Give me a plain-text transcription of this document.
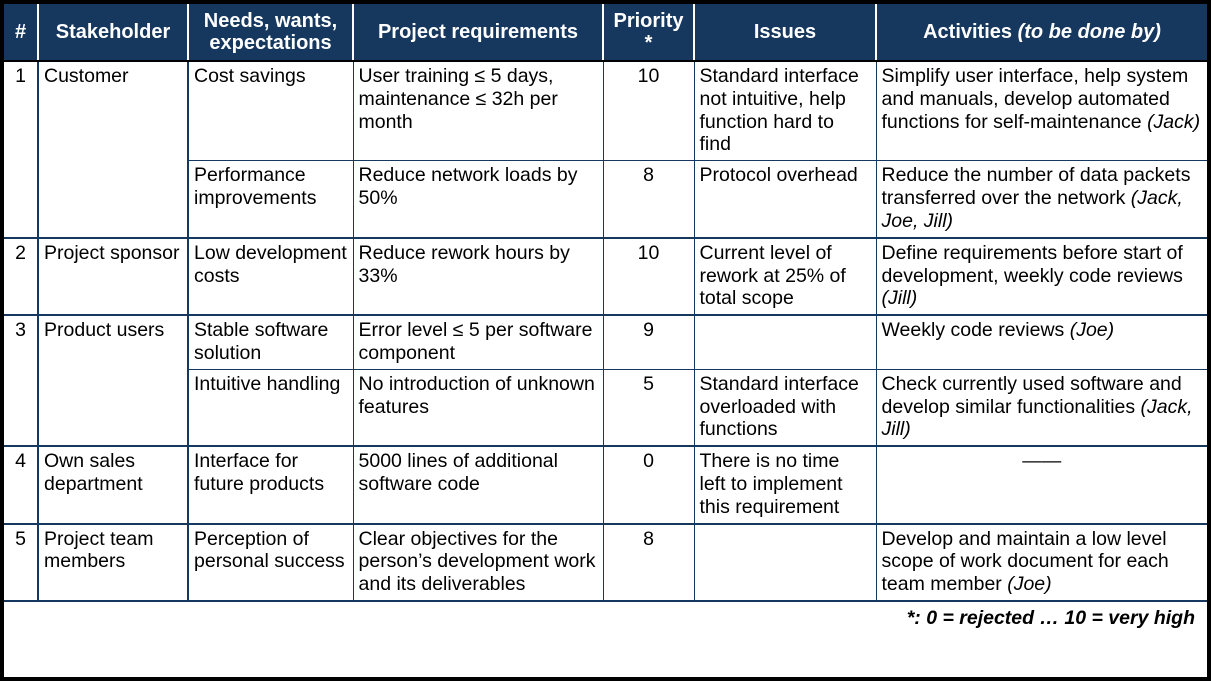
#	Stakeholder	Needs, wants, expectations	Project requirements	Priority *	Issues	Activities (to be done by)
1	Customer	Cost savings	User training ≤ 5 days, maintenance ≤ 32h per month	10	Standard interface not intuitive, help function hard to find	Simplify user interface, help system and manuals, develop automated functions for self-maintenance (Jack)
		Performance improvements	Reduce network loads by 50%	8	Protocol overhead	Reduce the number of data packets transferred over the network (Jack, Joe, Jill)
2	Project sponsor	Low development costs	Reduce rework hours by 33%	10	Current level of rework at 25% of total scope	Define requirements before start of development, weekly code reviews (Jill)
3	Product users	Stable software solution	Error level ≤ 5 per software component	9		Weekly code reviews (Joe)
		Intuitive handling	No introduction of unknown features	5	Standard interface overloaded with functions	Check currently used software and develop similar functionalities (Jack, Jill)
4	Own sales department	Interface for future products	5000 lines of additional software code	0	There is no time left to implement this requirement	——
5	Project team members	Perception of personal success	Clear objectives for the person’s development work and its deliverables	8		Develop and maintain a low level scope of work document for each team member (Joe)
*: 0 = rejected … 10 = very high						
